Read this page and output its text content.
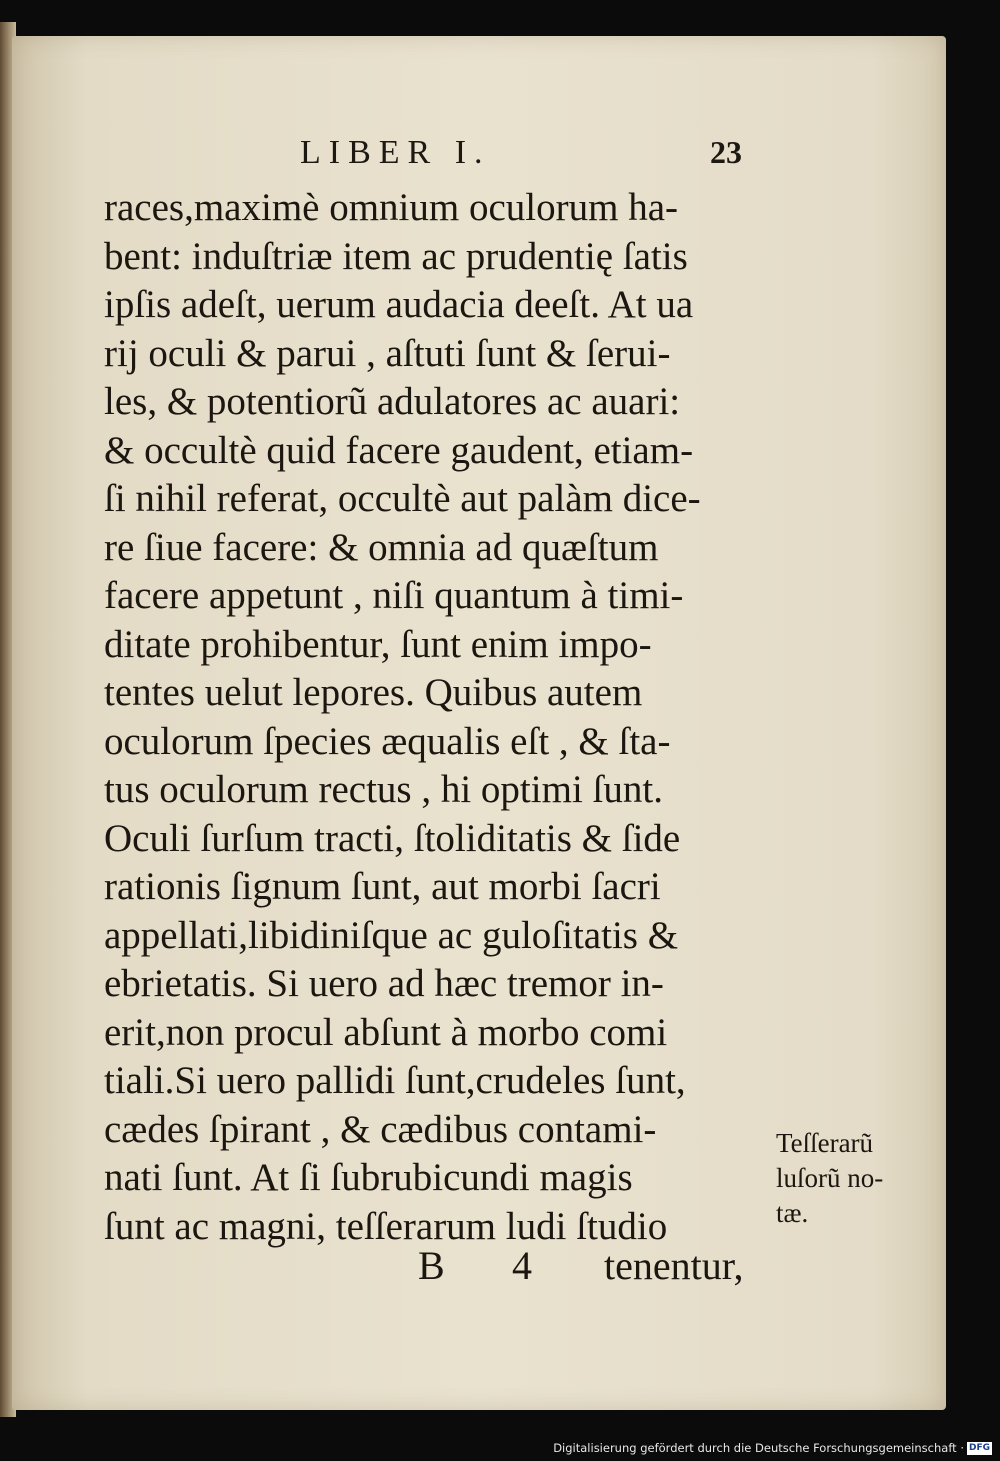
LIBER I.	23
races,maximè omnium oculorum ha-
bent: induſtriæ item ac prudentię ſatis
ipſis adeſt, uerum audacia deeſt. At ua
rij oculi & parui , aſtuti ſunt & ſerui-
les, & potentiorũ adulatores ac auari:
& occultè quid facere gaudent, etiam-
ſi nihil referat, occultè aut palàm dice-
re ſiue facere: & omnia ad quæſtum
facere appetunt , niſi quantum à timi-
ditate prohibentur, ſunt enim impo-
tentes uelut lepores. Quibus autem
oculorum ſpecies æqualis eſt , & ſta-
tus oculorum rectus , hi optimi ſunt.
Oculi ſurſum tracti, ſtoliditatis & ſide
rationis ſignum ſunt, aut morbi ſacri
appellati,libidiniſque ac guloſitatis &
ebrietatis. Si uero ad hæc tremor in-
erit,non procul abſunt à morbo comi
tiali.Si uero pallidi ſunt,crudeles ſunt,
cædes ſpirant , & cædibus contami-
nati ſunt. At ſi ſubrubicundi magis
ſunt ac magni, teſſerarum ludi ſtudio
Teſſerarũ
luſorũ no-
tæ.
B 4 tenentur,
Digitalisierung gefördert durch die Deutsche Forschungsgemeinschaft · DFG
